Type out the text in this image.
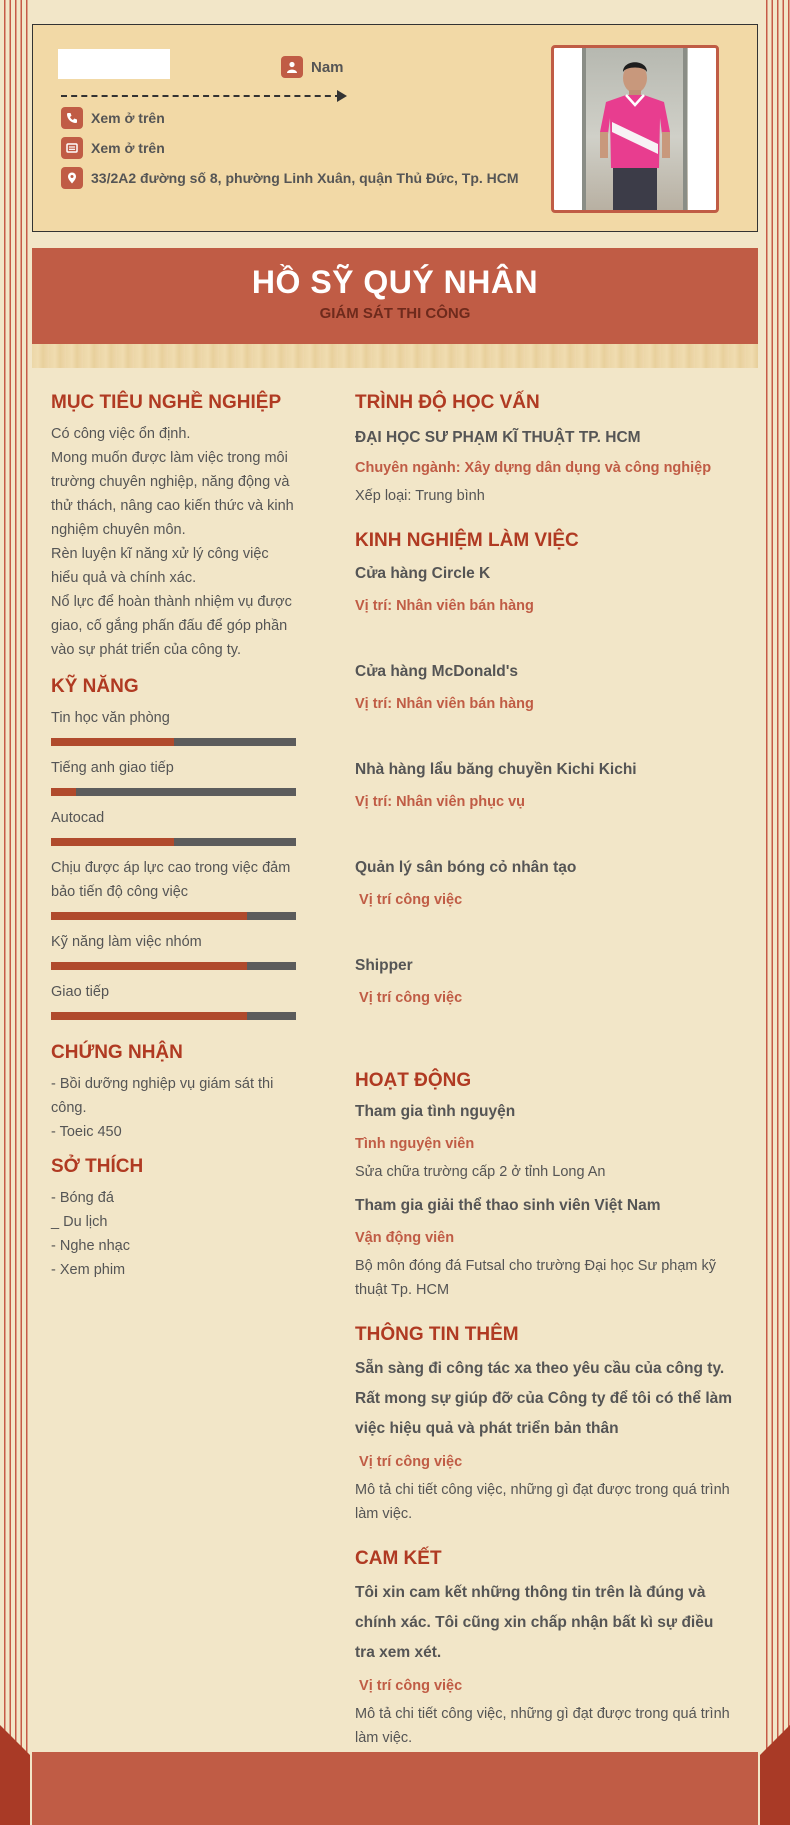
Nam
Xem ở trên
Xem ở trên
33/2A2 đường số 8, phường Linh Xuân, quận Thủ Đức, Tp. HCM
HỒ SỸ QUÝ NHÂN
GIÁM SÁT THI CÔNG
MỤC TIÊU NGHỀ NGHIỆP
Có công việc ổn định.
Mong muốn được làm việc trong môi trường chuyên nghiệp, năng động và thử thách, nâng cao kiến thức và kinh nghiệm chuyên môn.
Rèn luyện kĩ năng xử lý công việc hiểu quả và chính xác.
Nổ lực để hoàn thành nhiệm vụ được giao, cố gắng phấn đấu để góp phần vào sự phát triển của công ty.
KỸ NĂNG
Tin học văn phòng
Tiếng anh giao tiếp
Autocad
Chịu được áp lực cao trong việc đảm bảo tiến độ công việc
Kỹ năng làm việc nhóm
Giao tiếp
CHỨNG NHẬN
- Bồi dưỡng nghiệp vụ giám sát thi công.
- Toeic 450
SỞ THÍCH
- Bóng đá
_ Du lịch
- Nghe nhạc
- Xem phim
TRÌNH ĐỘ HỌC VẤN
ĐẠI HỌC SƯ PHẠM KĨ THUẬT TP. HCM
Chuyên ngành: Xây dựng dân dụng và công nghiệp
Xếp loại: Trung bình
KINH NGHIỆM LÀM VIỆC
Cửa hàng Circle K
Vị trí: Nhân viên bán hàng
Cửa hàng McDonald's
Vị trí: Nhân viên bán hàng
Nhà hàng lẩu băng chuyền Kichi Kichi
Vị trí: Nhân viên phục vụ
Quản lý sân bóng cỏ nhân tạo
Vị trí công việc
Shipper
Vị trí công việc
HOẠT ĐỘNG
Tham gia tình nguyện
Tình nguyện viên
Sửa chữa trường cấp 2 ở tỉnh Long An
Tham gia giải thể thao sinh viên Việt Nam
Vận động viên
Bộ môn đóng đá Futsal cho trường Đại học Sư phạm kỹ thuật Tp. HCM
THÔNG TIN THÊM
Sẵn sàng đi công tác xa theo yêu cầu của công ty. Rất mong sự giúp đỡ của Công ty để tôi có thể làm việc hiệu quả và phát triển bản thân
Vị trí công việc
Mô tả chi tiết công việc, những gì đạt được trong quá trình làm việc.
CAM KẾT
Tôi xin cam kết những thông tin trên là đúng và chính xác. Tôi cũng xin chấp nhận bất kì sự điều tra xem xét.
Vị trí công việc
Mô tả chi tiết công việc, những gì đạt được trong quá trình làm việc.
